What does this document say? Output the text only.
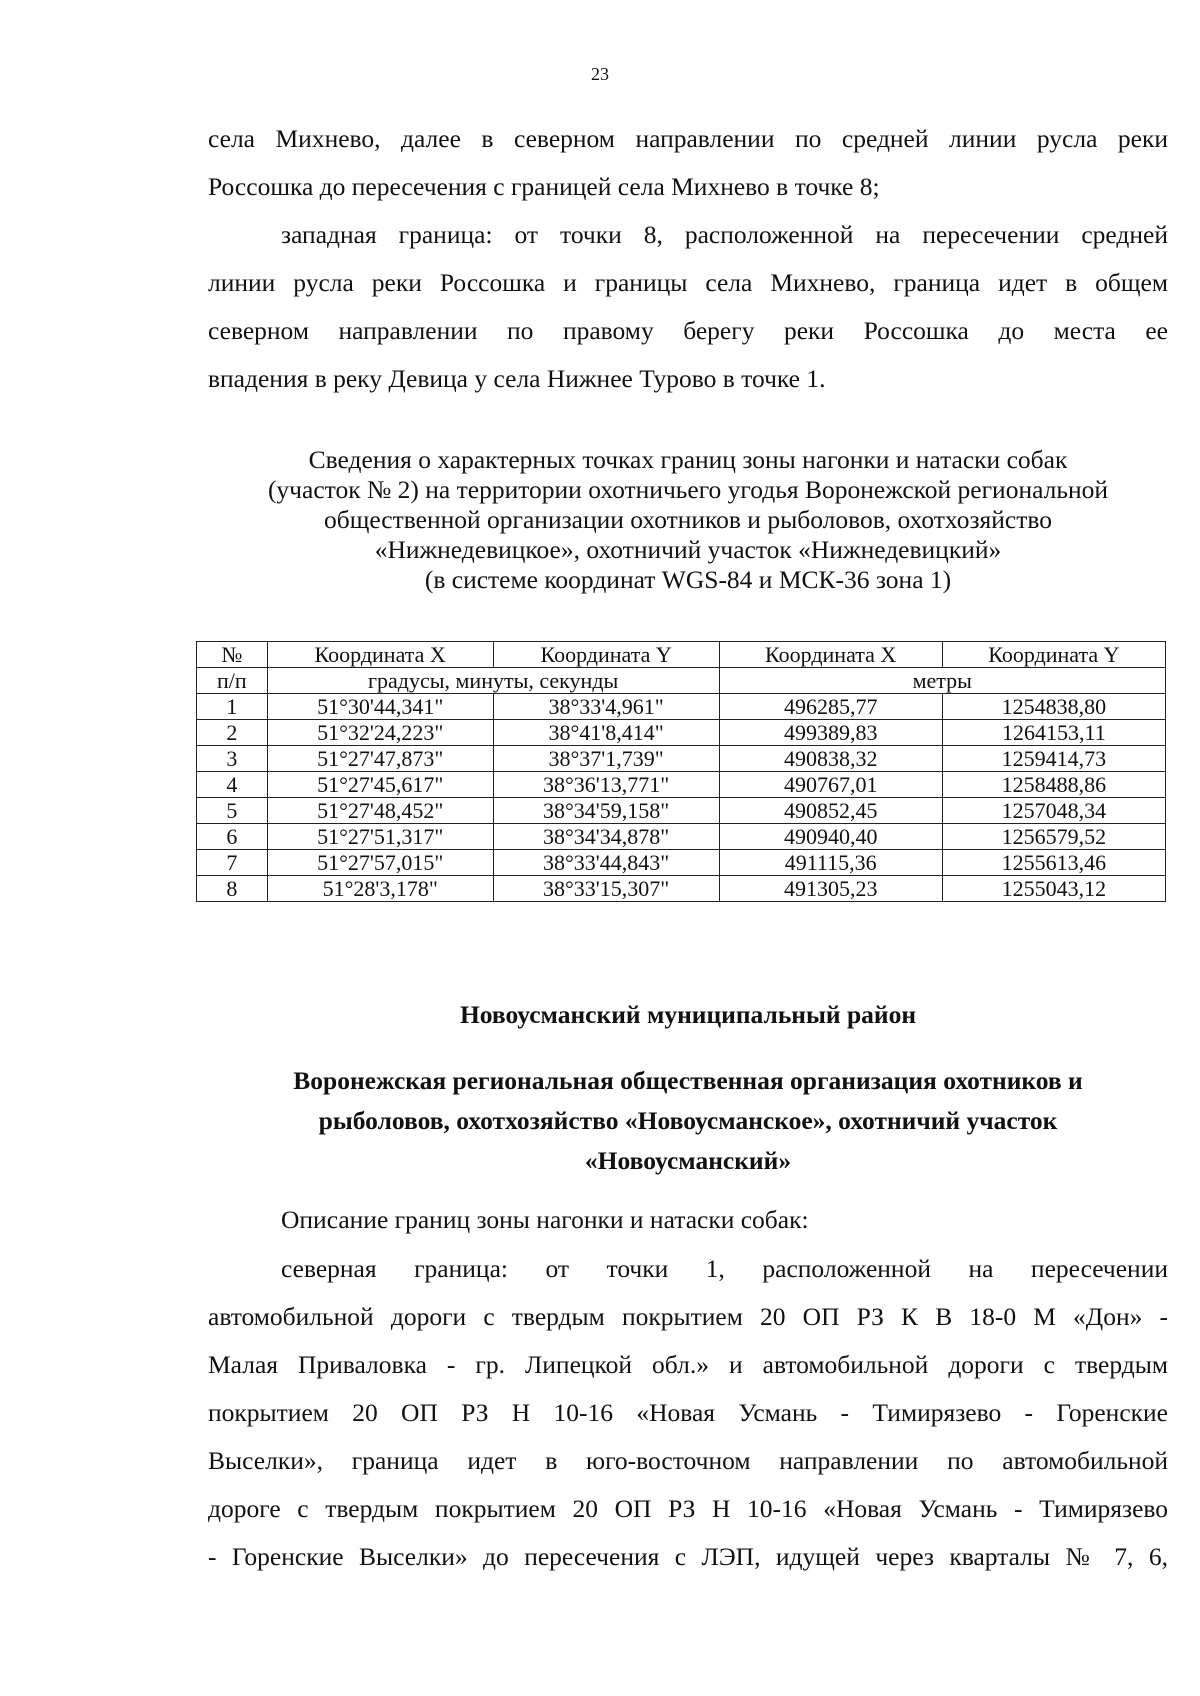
23
села Михнево, далее в северном направлении по средней линии русла реки
Россошка до пересечения с границей села Михнево в точке 8;
западная граница: от точки 8, расположенной на пересечении средней
линии русла реки Россошка и границы села Михнево, граница идет в общем
северном направлении по правому берегу реки Россошка до места ее
впадения в реку Девица у села Нижнее Турово в точке 1.
Сведения о характерных точках границ зоны нагонки и натаски собак
(участок № 2) на территории охотничьего угодья Воронежской региональной
общественной организации охотников и рыболовов, охотхозяйство
«Нижнедевицкое», охотничий участок «Нижнедевицкий»
(в системе координат WGS-84 и МСК-36 зона 1)
№	Координата X	Координата Y	Координата X	Координата Y
п/п	градусы, минуты, секунды		метры	
1	51°30'44,341"	38°33'4,961"	496285,77	1254838,80
2	51°32'24,223"	38°41'8,414"	499389,83	1264153,11
3	51°27'47,873"	38°37'1,739"	490838,32	1259414,73
4	51°27'45,617"	38°36'13,771"	490767,01	1258488,86
5	51°27'48,452"	38°34'59,158"	490852,45	1257048,34
6	51°27'51,317"	38°34'34,878"	490940,40	1256579,52
7	51°27'57,015"	38°33'44,843"	491115,36	1255613,46
8	51°28'3,178"	38°33'15,307"	491305,23	1255043,12
Новоусманский муниципальный район
Воронежская региональная общественная организация охотников и
рыболовов, охотхозяйство «Новоусманское», охотничий участок
«Новоусманский»
Описание границ зоны нагонки и натаски собак:
северная граница: от точки 1, расположенной на пересечении
автомобильной дороги с твердым покрытием 20 ОП РЗ К В 18-0 М «Дон» -
Малая Приваловка - гр. Липецкой обл.» и автомобильной дороги с твердым
покрытием 20 ОП РЗ Н 10-16 «Новая Усмань - Тимирязево - Горенские
Выселки», граница идет в юго-восточном направлении по автомобильной
дороге с твердым покрытием 20 ОП РЗ Н 10-16 «Новая Усмань - Тимирязево
- Горенские Выселки» до пересечения с ЛЭП, идущей через кварталы № 7, 6,
